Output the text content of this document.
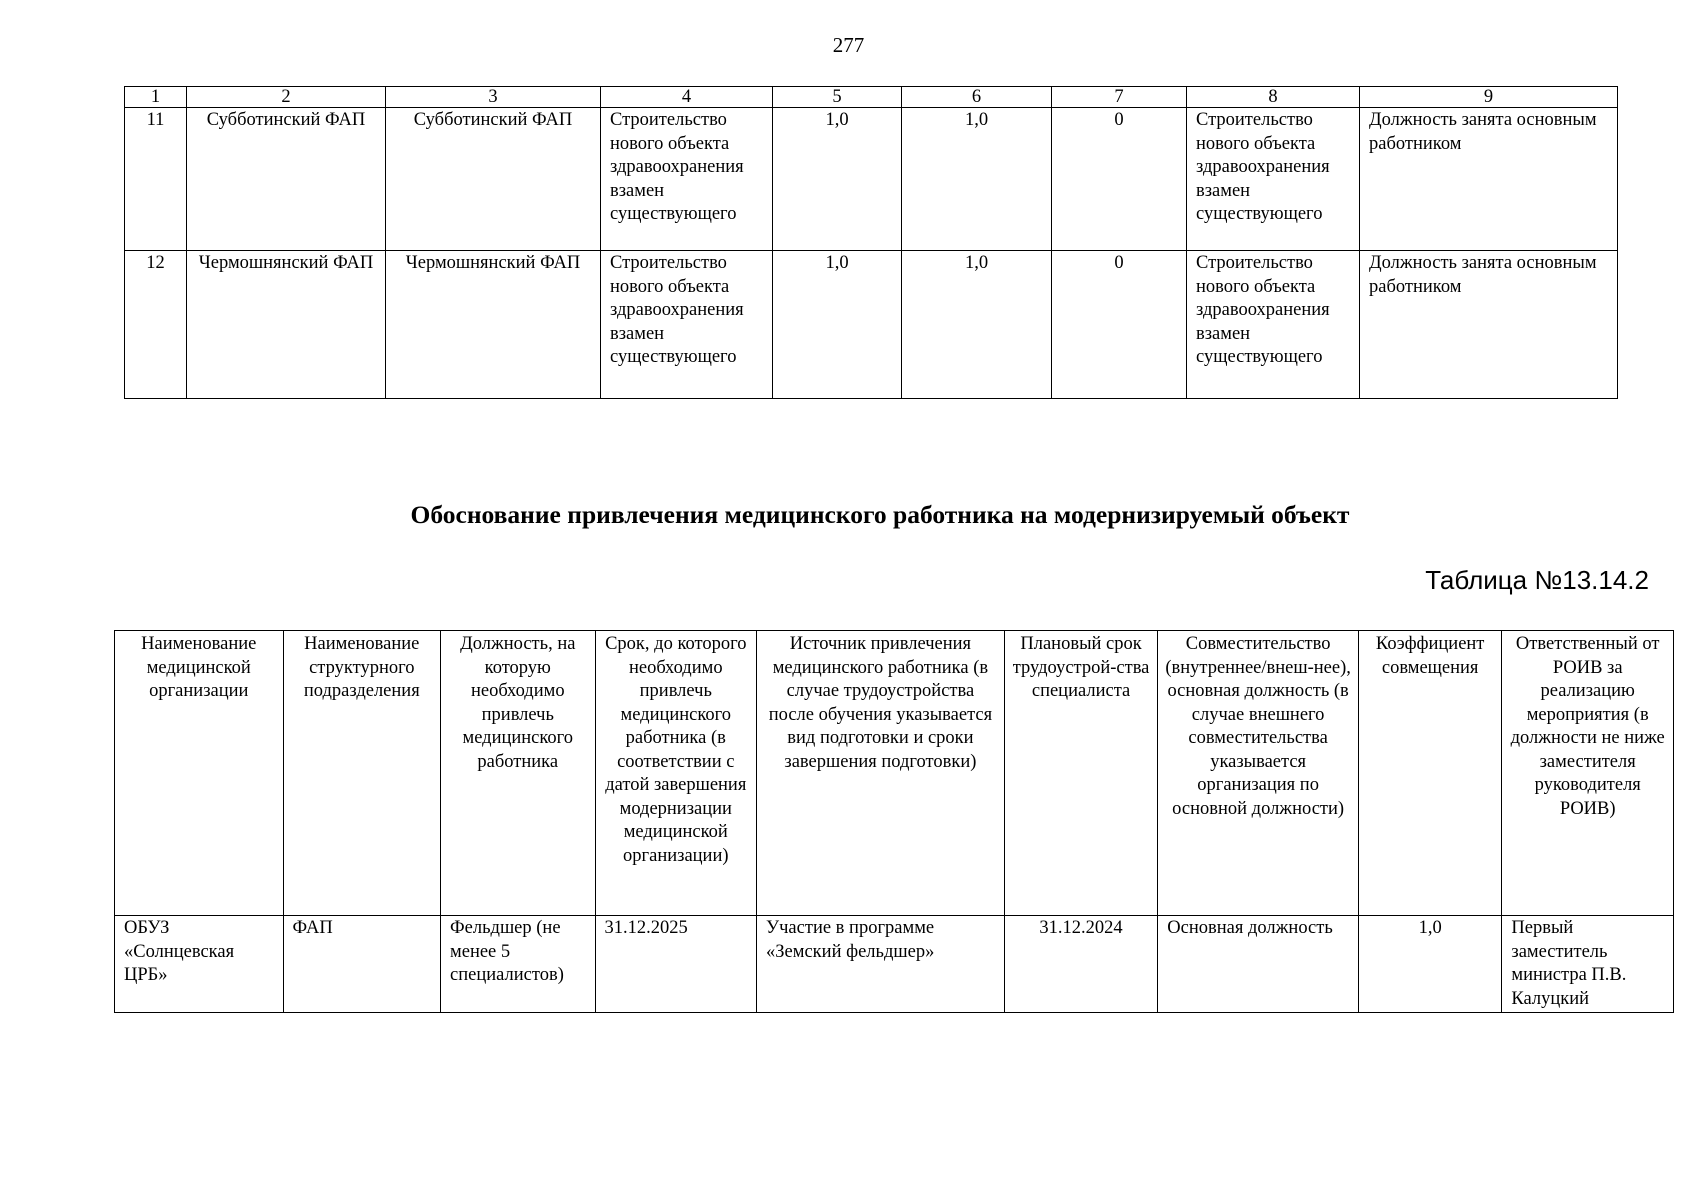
277
1	2	3	4	5	6	7	8	9
11	Субботинский ФАП	Субботинский ФАП	Строительство нового объекта здравоохранения взамен существующего	1,0	1,0	0	Строительство нового объекта здравоохранения взамен существующего	Должность занята основным работником
12	Чермошнянский ФАП	Чермошнянский ФАП	Строительство нового объекта здравоохранения взамен существующего	1,0	1,0	0	Строительство нового объекта здравоохранения взамен существующего	Должность занята основным работником
Обоснование привлечения медицинского работника на модернизируемый объект
Таблица №13.14.2
Наименование медицинской организации	Наименование структурного подразделения	Должность, на которую необходимо привлечь медицинского работника	Срок, до которого необходимо привлечь медицинского работника (в соответствии с датой завершения модернизации медицинской организации)	Источник привлечения медицинского работника (в случае трудоустройства после обучения указывается вид подготовки и сроки завершения подготовки)	Плановый срок трудоустрой-ства специалиста	Совместительство (внутреннее/внеш-нее), основная должность (в случае внешнего совместительства указывается организация по основной должности)	Коэффициент совмещения	Ответственный от РОИВ за реализацию мероприятия (в должности не ниже заместителя руководителя РОИВ)
ОБУЗ «Солнцевская ЦРБ»	ФАП	Фельдшер (не менее 5 специалистов)	31.12.2025	Участие в программе «Земский фельдшер»	31.12.2024	Основная должность	1,0	Первый заместитель министра П.В. Калуцкий
